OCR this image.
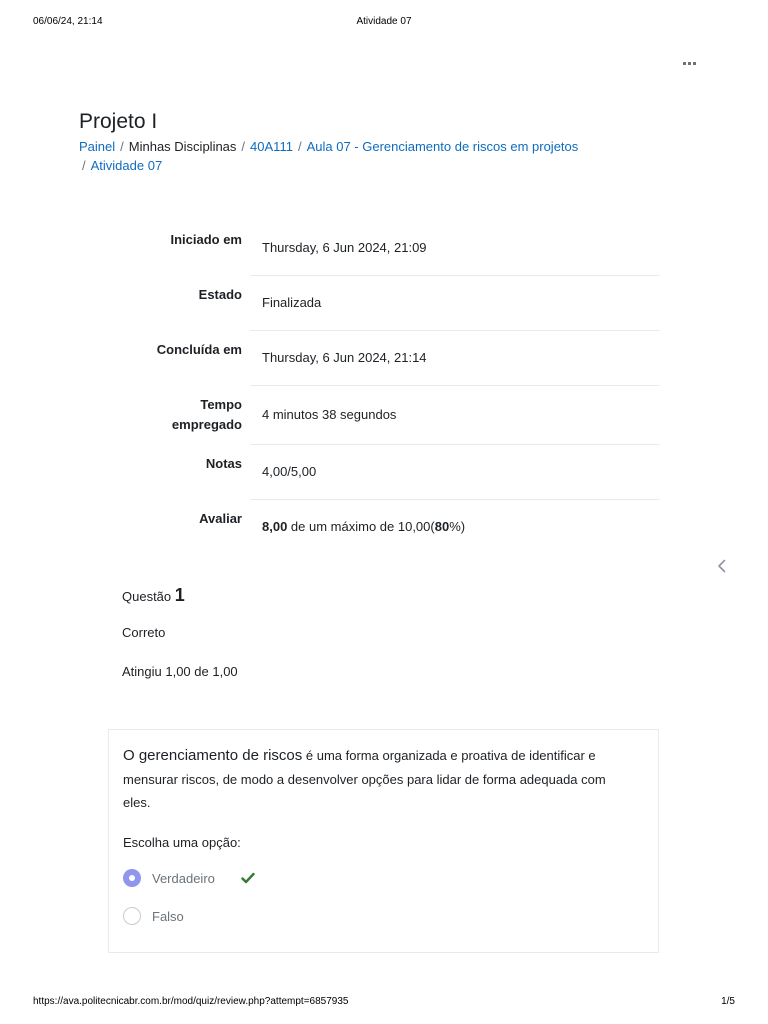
06/06/24, 21:14	Atividade 07
Projeto I
Painel / Minhas Disciplinas / 40A111 / Aula 07 - Gerenciamento de riscos em projetos
/ Atividade 07
Iniciado em	Thursday, 6 Jun 2024, 21:09
Estado	Finalizada
Concluída em	Thursday, 6 Jun 2024, 21:14
Tempo
empregado	4 minutos 38 segundos
Notas	4,00/5,00
Avaliar	8,00 de um máximo de 10,00(80%)
Questão 1
Correto
Atingiu 1,00 de 1,00

O gerenciamento de riscos é uma forma organizada e proativa de identificar e mensurar riscos, de modo a desenvolver opções para lidar de forma adequada com eles.

Escolha uma opção:
Verdadeiro
Falso
https://ava.politecnicabr.com.br/mod/quiz/review.php?attempt=6857935	1/5
